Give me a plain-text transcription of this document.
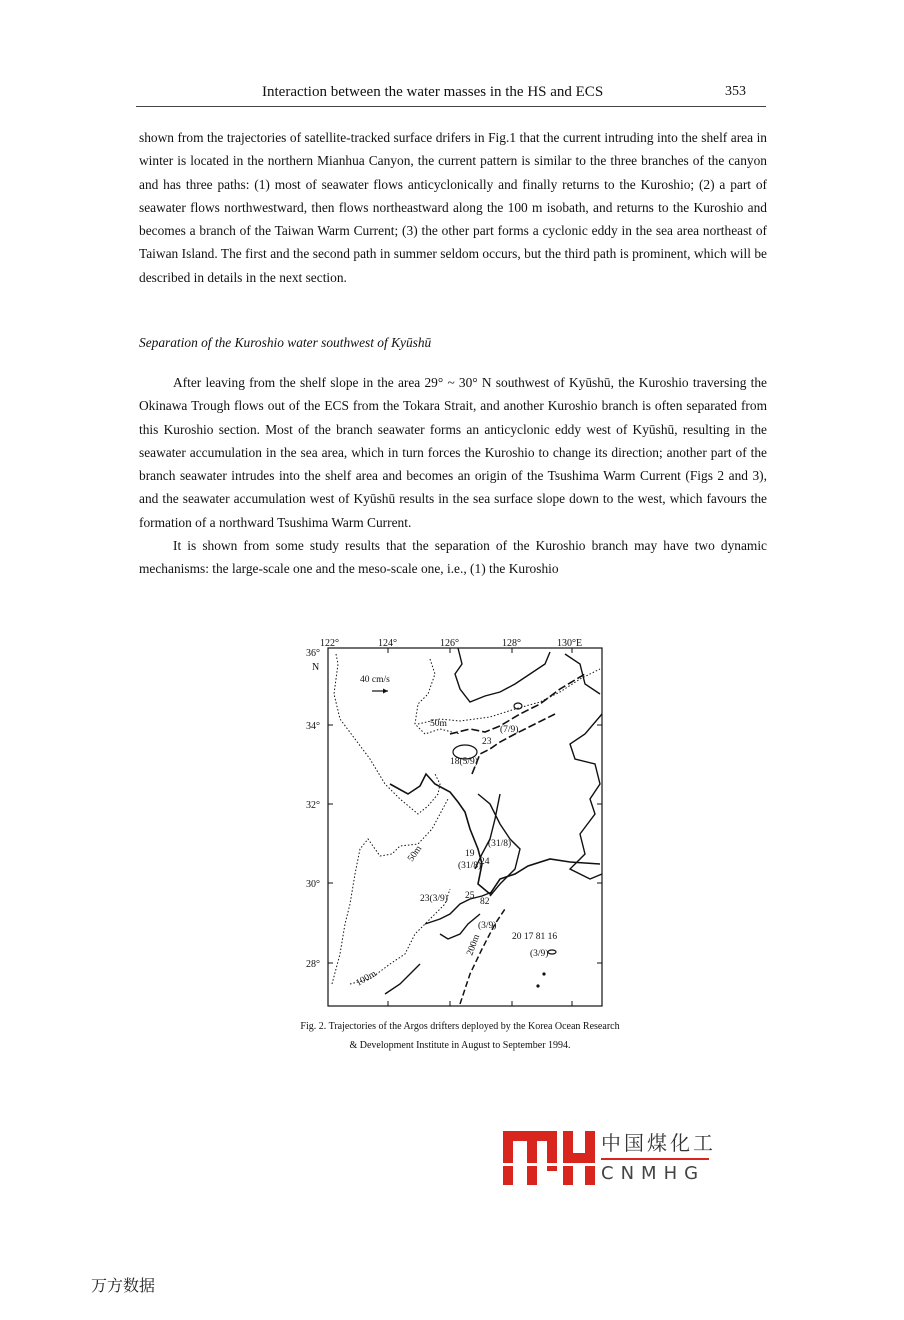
Interaction between the water masses in the HS and ECS	353

shown from the trajectories of satellite-tracked surface drifers in Fig.1 that the current intruding into the shelf area in winter is located in the northern Mianhua Canyon, the current pattern is similar to the three branches of the canyon and has three paths: (1) most of seawater flows anticyclonically and finally returns to the Kuroshio; (2) a part of seawater flows northwestward, then flows northeastward along the 100 m isobath, and returns to the Kuroshio and becomes a branch of the Taiwan Warm Current; (3) the other part forms a cyclonic eddy in the sea area northeast of Taiwan Island. The first and the second path in summer seldom occurs, but the third path is prominent, which will be described in details in the next section.

Separation of the Kuroshio water southwest of Kyūshū

After leaving from the shelf slope in the area 29° ~ 30° N southwest of Kyūshū, the Kuroshio traversing the Okinawa Trough flows out of the ECS from the Tokara Strait, and another Kuroshio branch is often separated from this Kuroshio section. Most of the branch seawater forms an anticyclonic eddy west of Kyūshū, resulting in the seawater accumulation in the sea area, which in turn forces the Kuroshio to change its direction; another part of the branch seawater intrudes into the shelf area and becomes an origin of the Tsushima Warm Current (Figs 2 and 3), and the seawater accumulation west of Kyūshū results in the sea surface slope down to the west, which favours the formation of a northward Tsushima Warm Current.

It is shown from some study results that the separation of the Kuroshio branch may have two dynamic mechanisms: the large-scale one and the meso-scale one, i.e., (1) the Kuroshio

122°	124°	126°	128°	130°E
36°
N
34°
32°
30°
28°
40 cm/s
50m
50m
100m
200m
(7/9)
23
18(5/9)
19
(31/8)
(31/8)
24
23(3/9) 25
82
(3/9)
20 17 81 16
(3/9)
Fig. 2. Trajectories of the Argos drifters deployed by the Korea Ocean Research & Development Institute in August to September 1994.
中国煤化工
CNMHG
万方数据
